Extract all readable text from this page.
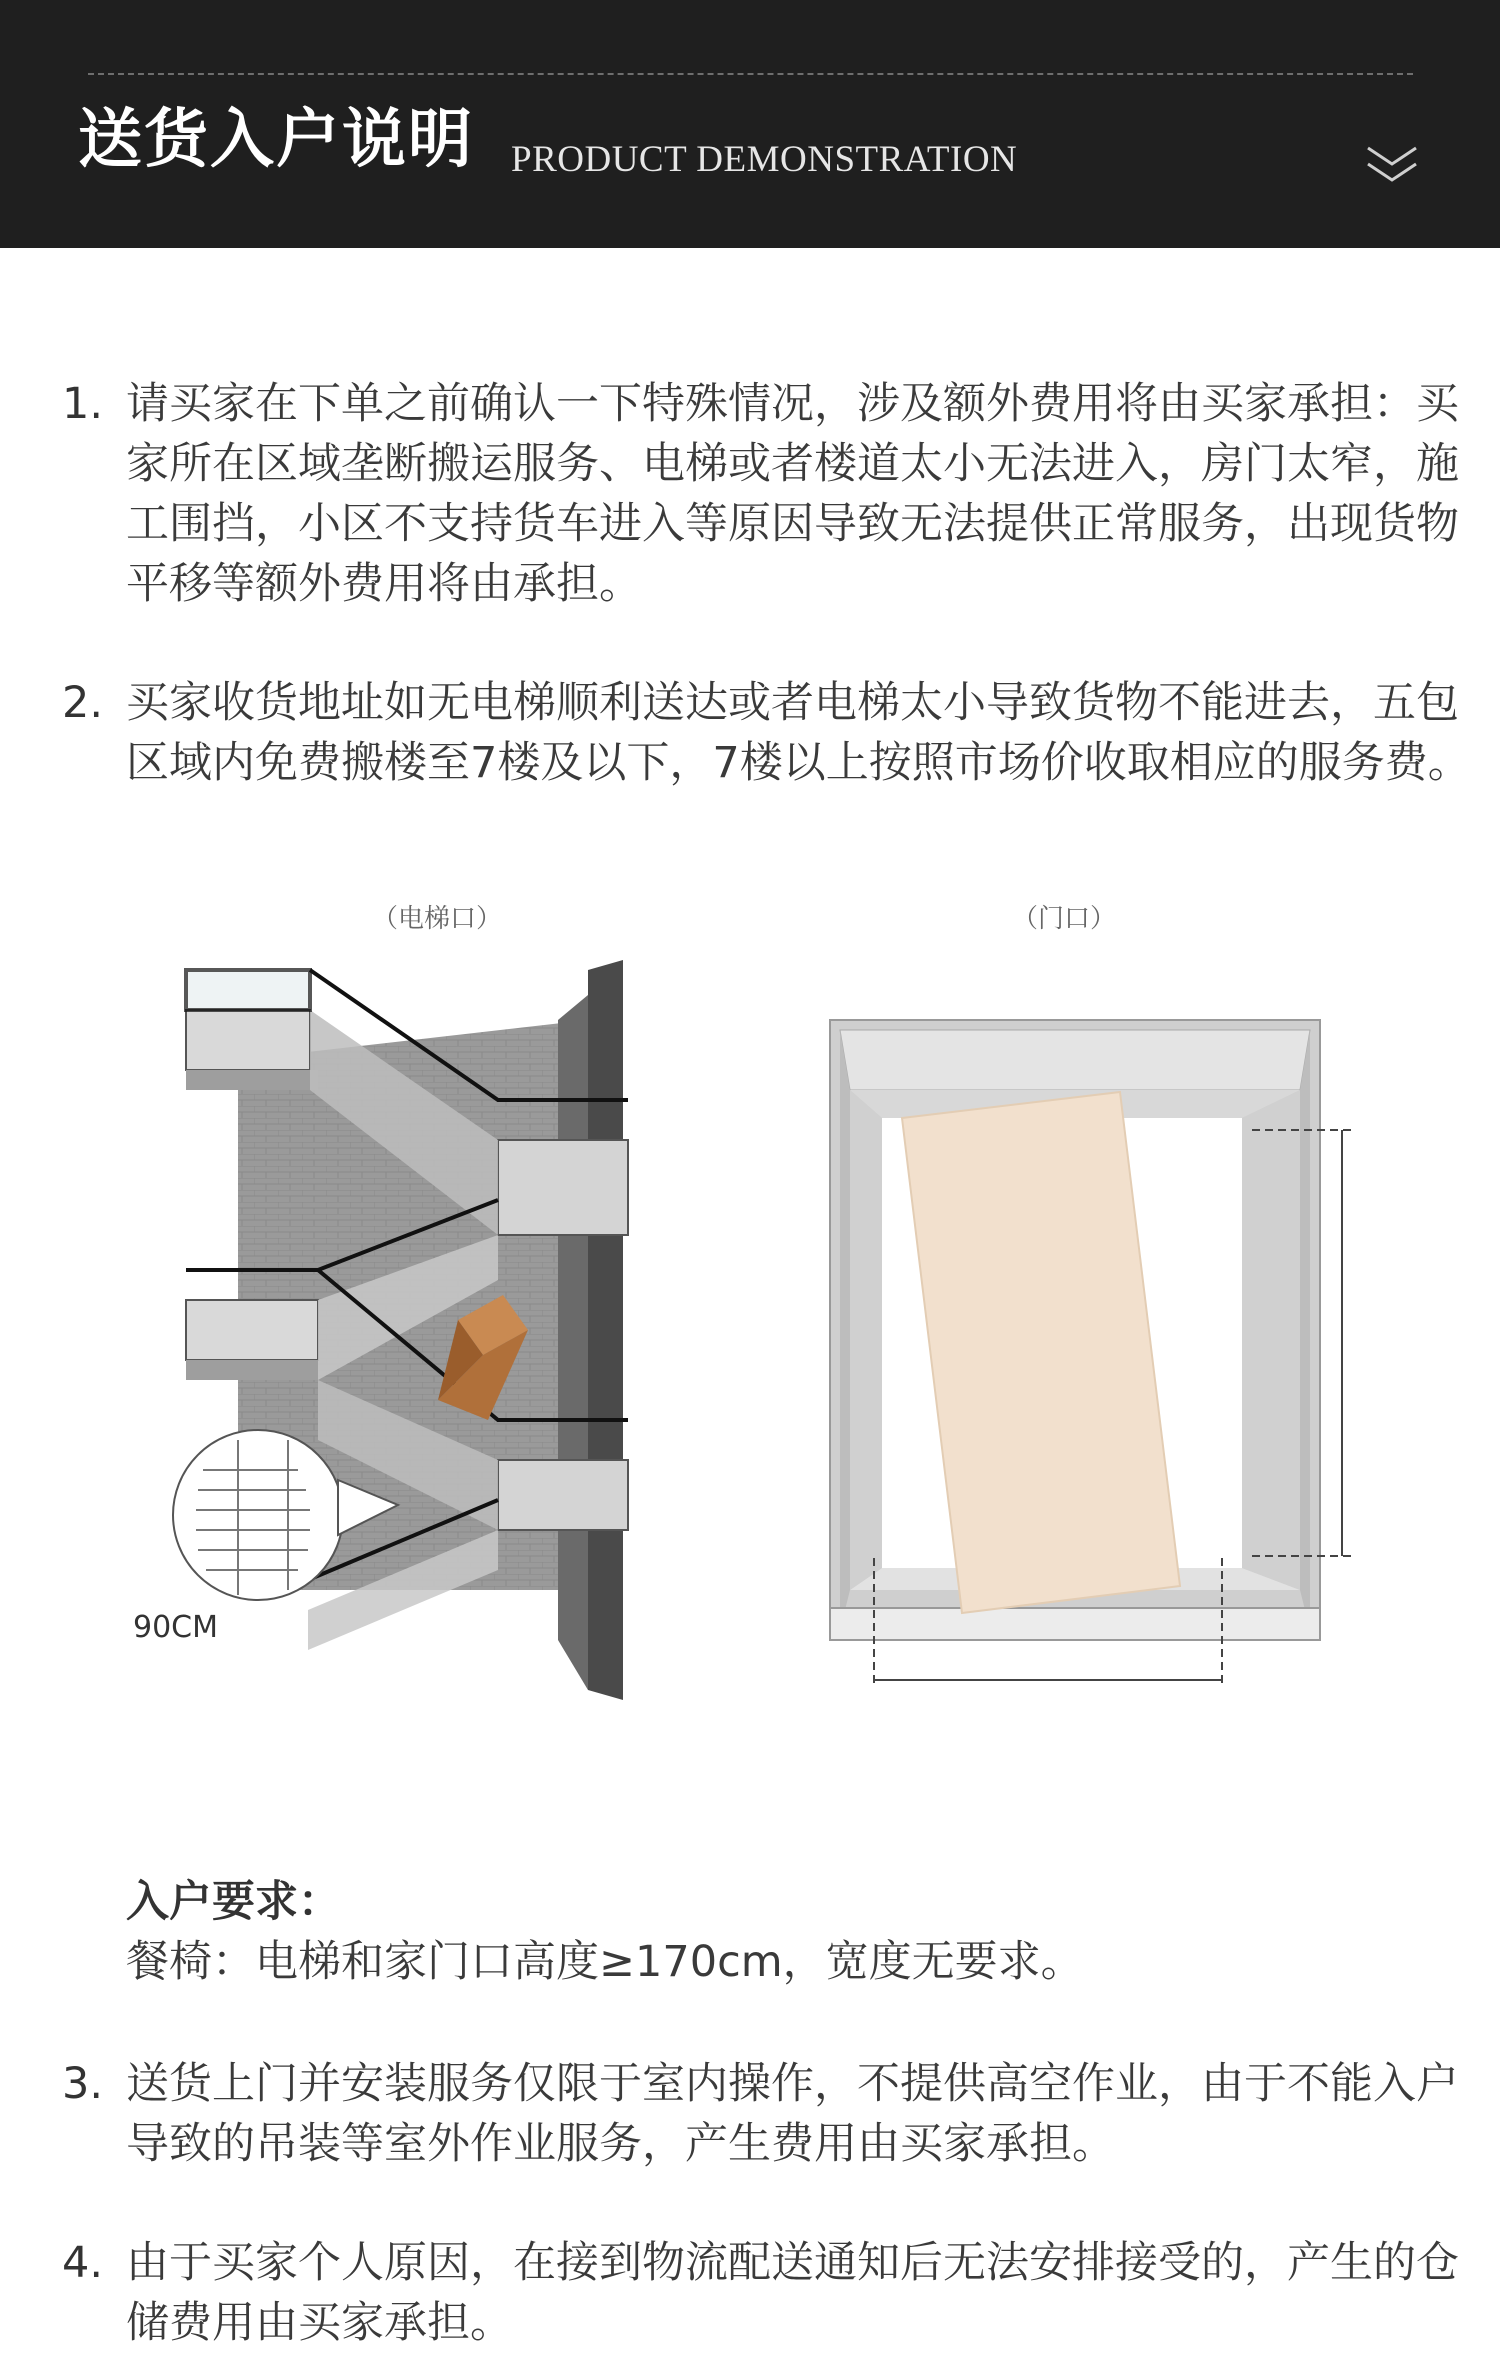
送货入户说明 PRODUCT DEMONSTRATION
1. 请买家在下单之前确认一下特殊情况，涉及额外费用将由买家承担：买家所在区域垄断搬运服务、电梯或者楼道太小无法进入，房门太窄，施工围挡，小区不支持货车进入等原因导致无法提供正常服务，出现货物平移等额外费用将由承担。
2. 买家收货地址如无电梯顺利送达或者电梯太小导致货物不能进去，五包区域内免费搬楼至7楼及以下，7楼以上按照市场价收取相应的服务费。
（电梯口）	（门口）
90CM
入户要求：
餐椅：电梯和家门口高度≥170cm，宽度无要求。
3. 送货上门并安装服务仅限于室内操作，不提供高空作业，由于不能入户导致的吊装等室外作业服务，产生费用由买家承担。
4. 由于买家个人原因，在接到物流配送通知后无法安排接受的，产生的仓储费用由买家承担。
